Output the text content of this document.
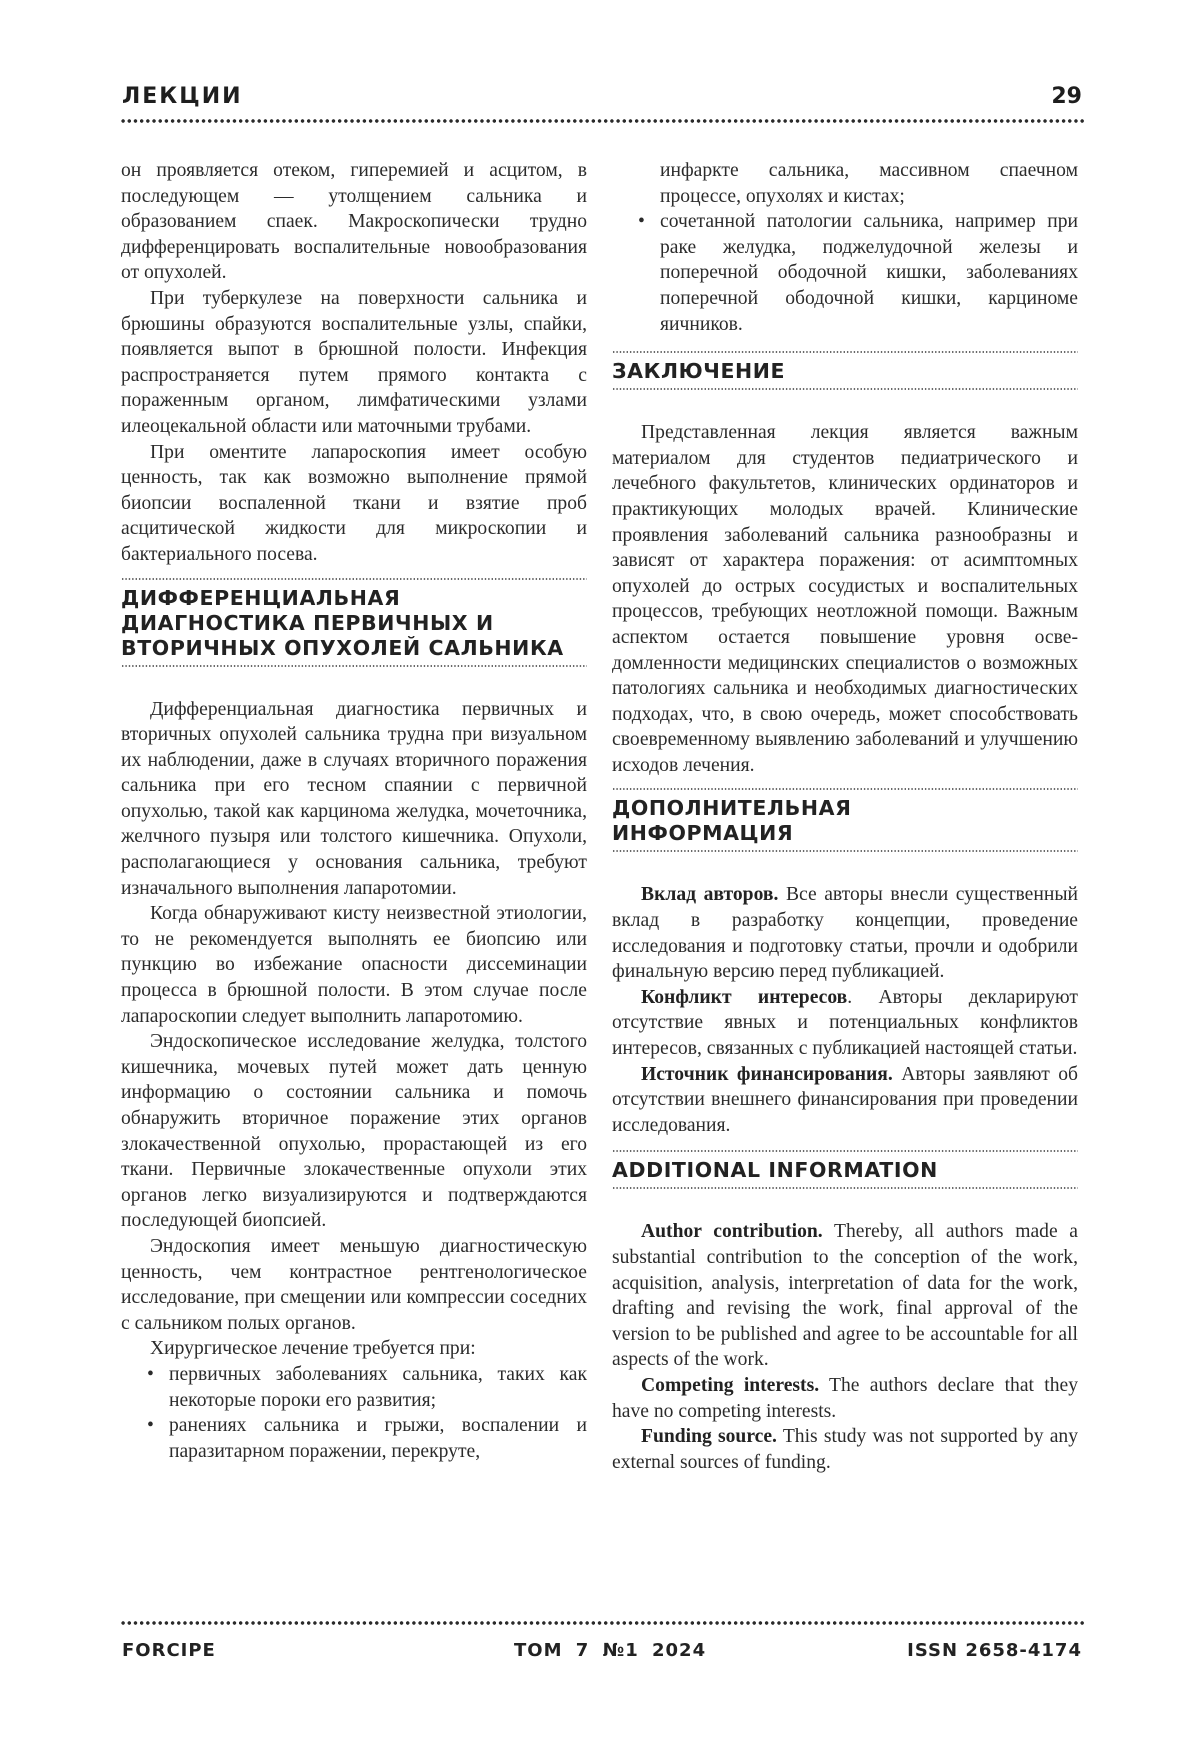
ЛЕКЦИИ	29

он проявляется отеком, гиперемией и асцитом, в последующем — утолщением сальника и образованием спаек. Макроскопически трудно дифференцировать воспалительные новообразования от опухолей.

При туберкулезе на поверхности сальника и брюшины образуются воспалительные узлы, спайки, появляется выпот в брюшной полости. Инфекция распространяется путем прямого контакта с пораженным органом, лимфатическими узлами илеоцекальной области или маточными трубами.

При оментите лапароскопия имеет особую ценность, так как возможно выполнение прямой биопсии воспаленной ткани и взятие проб асцитической жидкости для микроскопии и бактериального посева.

ДИФФЕРЕНЦИАЛЬНАЯ ДИАГНОСТИКА ПЕРВИЧНЫХ И ВТОРИЧНЫХ ОПУХОЛЕЙ САЛЬНИКА

Дифференциальная диагностика первичных и вторичных опухолей сальника трудна при визуальном их наблюдении, даже в случаях вторичного поражения сальника при его тесном спаянии с первичной опухолью, такой как карцинома желудка, мочеточника, желчного пузыря или толстого кишечника. Опухоли, располагающиеся у основания сальника, требуют изначального выполнения лапаротомии.

Когда обнаруживают кисту неизвестной этиологии, то не рекомендуется выполнять ее биопсию или пункцию во избежание опасности диссеминации процесса в брюшной полости. В этом случае после лапароскопии следует выполнить лапаротомию.

Эндоскопическое исследование желудка, толстого кишечника, мочевых путей может дать ценную информацию о состоянии сальника и помочь обнаружить вторичное поражение этих органов злокачественной опухолью, прорастающей из его ткани. Первичные злокачественные опухоли этих органов легко визуализируются и подтверждаются последующей биопсией.

Эндоскопия имеет меньшую диагностическую ценность, чем контрастное рентгенологическое исследование, при смещении или компрессии соседних с сальником полых органов.

Хирургическое лечение требуется при:

• первичных заболеваниях сальника, таких как некоторые пороки его развития;
• ранениях сальника и грыжи, воспалении и паразитарном поражении, перекруте,
инфаркте сальника, массивном спаечном процессе, опухолях и кистах;
• сочетанной патологии сальника, например при раке желудка, поджелудочной железы и поперечной ободочной кишки, заболеваниях поперечной ободочной кишки, карциноме яичников.
ЗАКЛЮЧЕНИЕ

Представленная лекция является важным материалом для студентов педиатрического и лечебного факультетов, клинических ординаторов и практикующих молодых врачей. Клинические проявления заболеваний сальника разнообразны и зависят от характера поражения: от асимптомных опухолей до острых сосудистых и воспалительных процессов, требующих неотложной помощи. Важным аспектом остается повышение уровня осведомленности медицинских специалистов о возможных патологиях сальника и необходимых диагностических подходах, что, в свою очередь, может способствовать своевременному выявлению заболеваний и улучшению исходов лечения.

ДОПОЛНИТЕЛЬНАЯ ИНФОРМАЦИЯ

Вклад авторов. Все авторы внесли существенный вклад в разработку концепции, проведение исследования и подготовку статьи, прочли и одобрили финальную версию перед публикацией.

Конфликт интересов. Авторы декларируют отсутствие явных и потенциальных конфликтов интересов, связанных с публикацией настоящей статьи.

Источник финансирования. Авторы заявляют об отсутствии внешнего финансирования при проведении исследования.

ADDITIONAL INFORMATION

Author contribution. Thereby, all authors made a substantial contribution to the conception of the work, acquisition, analysis, interpretation of data for the work, drafting and revising the work, final approval of the version to be published and agree to be accountable for all aspects of the work.

Competing interests. The authors declare that they have no competing interests.

Funding source. This study was not supported by any external sources of funding.

FORCIPE	ТОМ 7 №1 2024	ISSN 2658-4174
